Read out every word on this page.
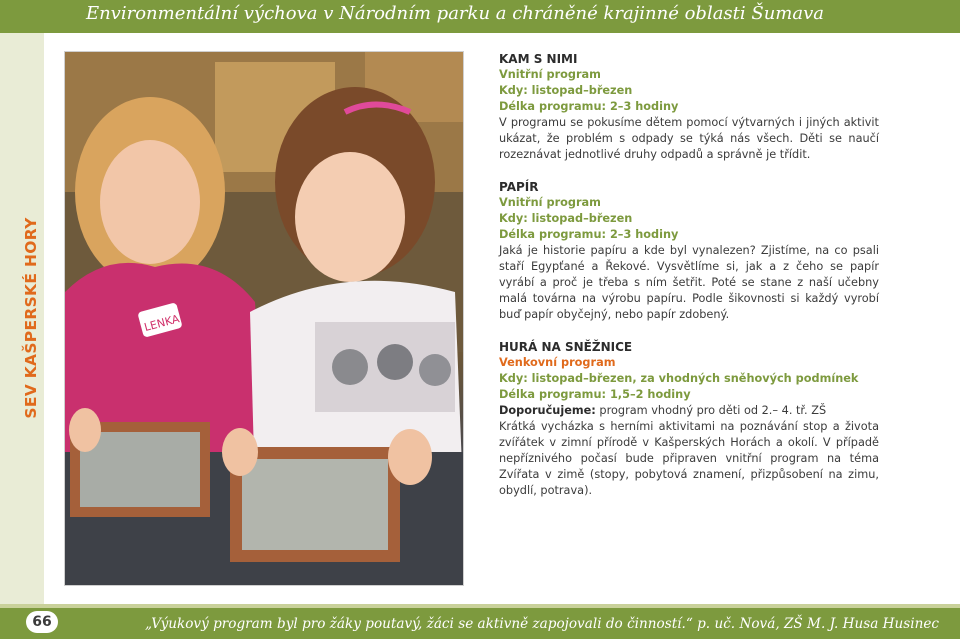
Environmentální výchova v Národním parku a chráněné krajinné oblasti Šumava
SEV KAŠPERSKÉ HORY	LENKA
KAM S NIMI
Vnitřní program
Kdy: listopad–březen
Délka programu: 2–3 hodiny
V programu se pokusíme dětem pomocí výtvarných i jiných aktivit ukázat, že problém s odpady se týká nás všech. Děti se naučí rozeznávat jednotlivé druhy odpadů a správně je třídit.
PAPÍR
Vnitřní program
Kdy: listopad–březen
Délka programu: 2–3 hodiny
Jaká je historie papíru a kde byl vynalezen? Zjistíme, na co psali staří Egypťané a Řekové. Vysvětlíme si, jak a z čeho se papír vyrábí a proč je třeba s ním šetřit. Poté se stane z naší učebny malá továrna na výrobu papíru. Podle šikovnosti si každý vyrobí buď papír obyčejný, nebo papír zdobený.
HURÁ NA SNĚŽNICE
Venkovní program
Kdy: listopad–březen, za vhodných sněhových podmínek
Délka programu: 1,5–2 hodiny
Doporučujeme: program vhodný pro děti od 2.– 4. tř. ZŠ
Krátká vycházka s herními aktivitami na poznávání stop a života zvířátek v zimní přírodě v Kašperských Horách a okolí. V případě nepříznivého počasí bude připraven vnitřní program na téma Zvířata v zimě (stopy, pobytová znamení, přizpůsobení na zimu, obydlí, potrava).
66	„Výukový program byl pro žáky poutavý, žáci se aktivně zapojovali do činností.“ p. uč. Nová, ZŠ M. J. Husa Husinec
